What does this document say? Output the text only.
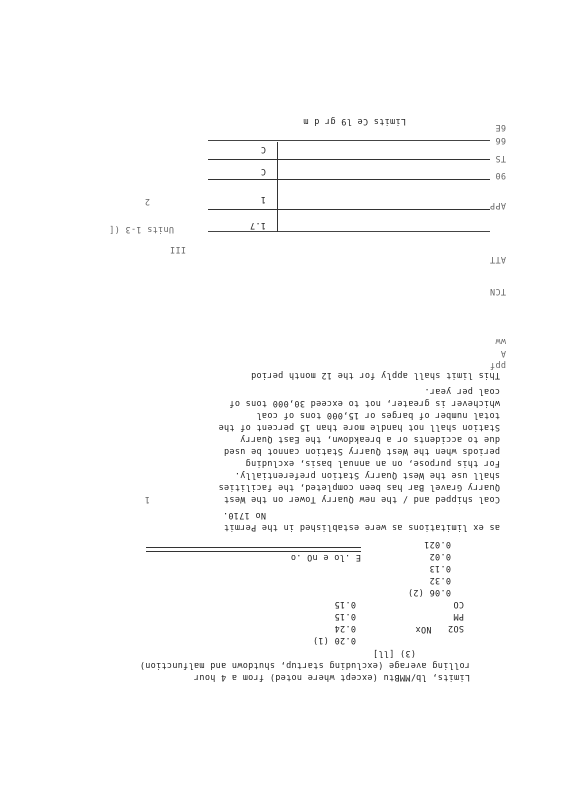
Limits, lb/MMBtu (except where noted) from a 4 hour
rolling average (excluding startup, shutdown and malfunction)
(3) [ll]

NOx

0.20 (1)
SO2
0.24
PM
0.15
CO
0.15
0.06 (2)
0.32
0.13
0.02
0.021
E .lo e nO .o
as ex limitations as were established in the Permit
No 1710.
Coal shipped and / the new Quarry Tower on the West
Quarry Gravel Bar has been completed, the facilities
shall use the West Quarry Station preferentially.
For this purpose, on an annual basis, excluding
periods when the West Quarry Station cannot be used
due to accidents or a breakdown, the East Quarry
Station shall not handle more than 15 percent of the
total number of barges or 15,000 tons of coal
whichever is greater, not to exceed 30,000 tons of
coal per year.
This limit shall apply for the 12 month period
ppf
A
ww
TCN
ATT
APP
90
TS
66
6E
Units 1-3 ([
III
2
1
1.7
1
C
C
Limits Ce l9 gr d m
